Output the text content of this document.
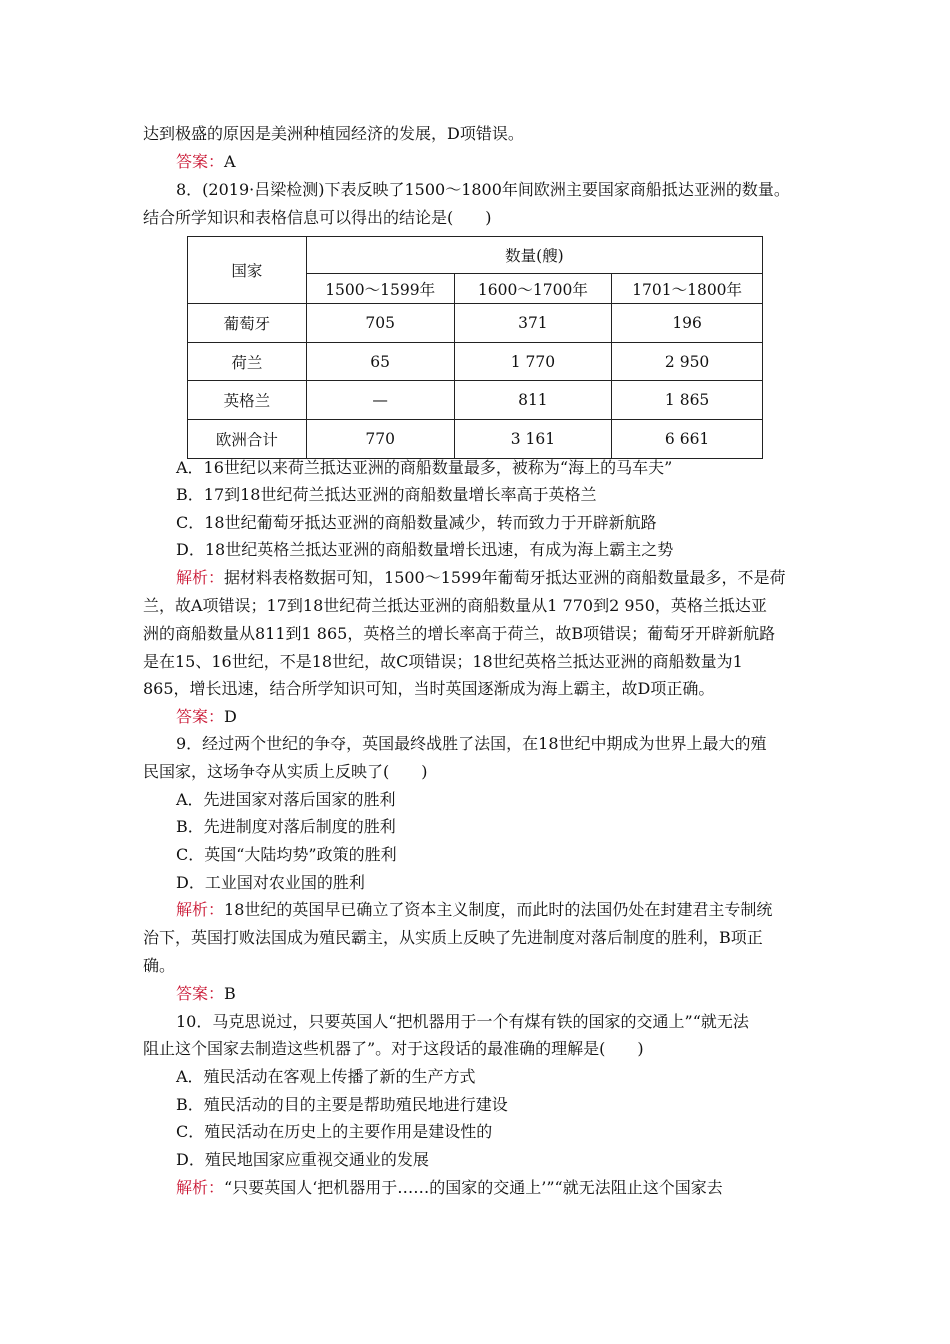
达到极盛的原因是美洲种植园经济的发展，D项错误。
答案：A
8．(2019·吕梁检测)下表反映了1500～1800年间欧洲主要国家商船抵达亚洲的数量。
结合所学知识和表格信息可以得出的结论是(　　)
国家	数量(艘)		
	1500～1599年	1600～1700年	1701～1800年
葡萄牙	705	371	196
荷兰	65	1 770	2 950
英格兰	—	811	1 865
欧洲合计	770	3 161	6 661
A．16世纪以来荷兰抵达亚洲的商船数量最多，被称为“海上的马车夫”
B．17到18世纪荷兰抵达亚洲的商船数量增长率高于英格兰
C．18世纪葡萄牙抵达亚洲的商船数量减少，转而致力于开辟新航路
D．18世纪英格兰抵达亚洲的商船数量增长迅速，有成为海上霸主之势
解析：据材料表格数据可知，1500～1599年葡萄牙抵达亚洲的商船数量最多，不是荷
兰，故A项错误；17到18世纪荷兰抵达亚洲的商船数量从1 770到2 950，英格兰抵达亚
洲的商船数量从811到1 865，英格兰的增长率高于荷兰，故B项错误；葡萄牙开辟新航路
是在15、16世纪，不是18世纪，故C项错误；18世纪英格兰抵达亚洲的商船数量为1
865，增长迅速，结合所学知识可知，当时英国逐渐成为海上霸主，故D项正确。
答案：D
9．经过两个世纪的争夺，英国最终战胜了法国，在18世纪中期成为世界上最大的殖
民国家，这场争夺从实质上反映了(　　)
A．先进国家对落后国家的胜利
B．先进制度对落后制度的胜利
C．英国“大陆均势”政策的胜利
D．工业国对农业国的胜利
解析：18世纪的英国早已确立了资本主义制度，而此时的法国仍处在封建君主专制统
治下，英国打败法国成为殖民霸主，从实质上反映了先进制度对落后制度的胜利，B项正
确。
答案：B
10．马克思说过，只要英国人“把机器用于一个有煤有铁的国家的交通上”“就无法
阻止这个国家去制造这些机器了”。对于这段话的最准确的理解是(　　)
A．殖民活动在客观上传播了新的生产方式
B．殖民活动的目的主要是帮助殖民地进行建设
C．殖民活动在历史上的主要作用是建设性的
D．殖民地国家应重视交通业的发展
解析：“只要英国人‘把机器用于……的国家的交通上’”“就无法阻止这个国家去
